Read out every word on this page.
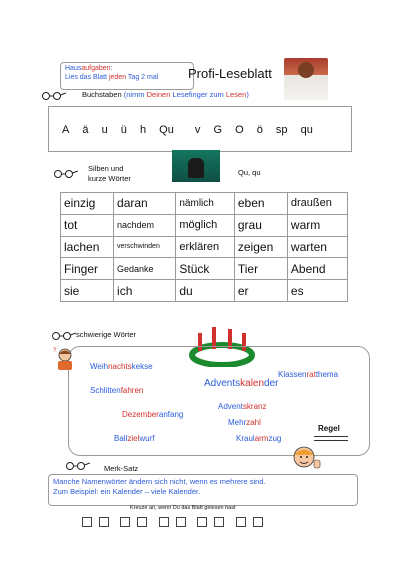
Hausaufgaben:
Lies das Blatt jeden Tag 2 mal	Profi-Leseblatt
Buchstaben (nimm Deinen Lesefinger zum Lesen)
A ä u ü h Qu v G O ö sp qu
Silben und
kurze Wörter
Qu, qu
einzig	daran	nämlich	eben	draußen
tot	nachdem	möglich	grau	warm
lachen	verschwinden	erklären	zeigen	warten
Finger	Gedanke	Stück	Tier	Abend
sie	ich	du	er	es
schwierige Wörter
?
Weihnachtskekse
Klassenratthema
Adventskalender
Schlittenfahren
Adventskranz
Dezemberanfang
Mehrzahl
Ballzielwurf	Kraularmzug
Regel
Merk-Satz
Manche Namenwörter ändern sich nicht, wenn es mehrere sind.
Zum Beispiel: ein Kalender – viele Kalender.
Kreuze an, wenn Du das Blatt gelesen hast
